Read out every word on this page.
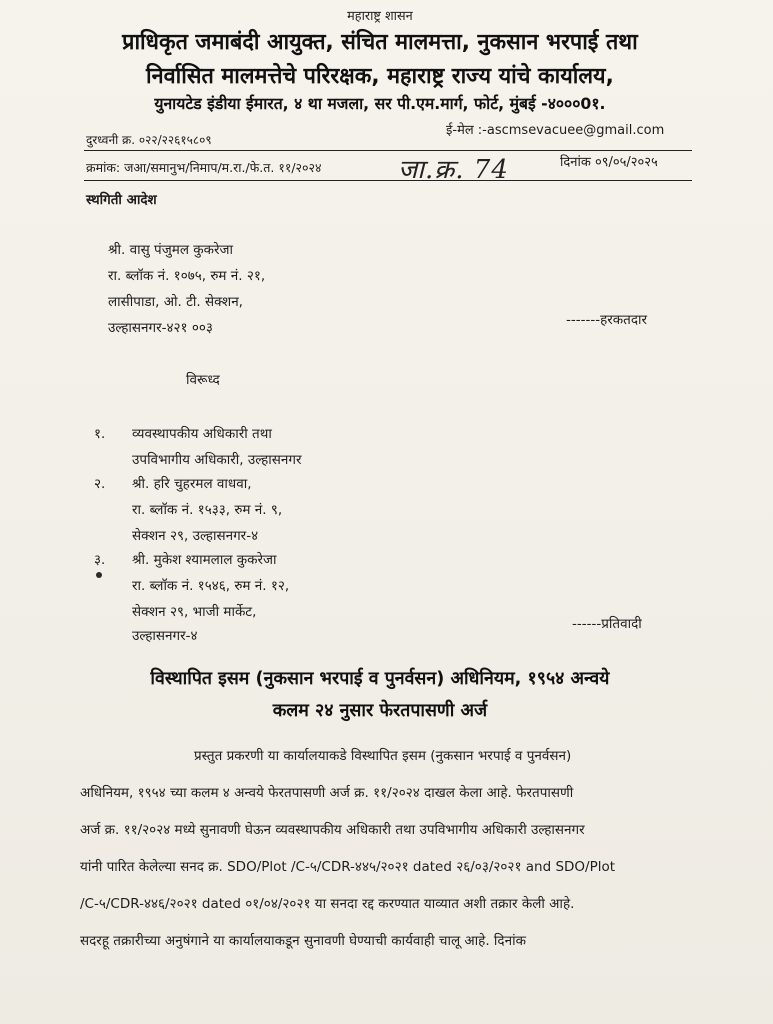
महाराष्ट्र शासन
प्राधिकृत जमाबंदी आयुक्त, संचित मालमत्ता, नुकसान भरपाई तथा
निर्वासित मालमत्तेचे परिरक्षक, महाराष्ट्र राज्य यांचे कार्यालय,
युनायटेड इंडीया ईमारत, ४ था मजला, सर पी.एम.मार्ग, फोर्ट, मुंबई -४०००0१.
ई-मेल :-ascmsevacuee@gmail.com
दुरध्वनी क्र. ०२२/२२६१५८०९
क्रमांक: जआ/समानुभ/निमाप/म.रा./फे.त. ११/२०२४	जा.क्र. 74	दिनांक ०९/०५/२०२५
स्थगिती आदेश
श्री. वासु पंजुमल कुकरेजा
रा. ब्लॉक नं. १०७५, रुम नं. २१,
लासीपाडा, ओ. टी. सेक्शन,
उल्हासनगर-४२१ ००३	-------हरकतदार
विरूध्द
१. व्यवस्थापकीय अधिकारी तथा
उपविभागीय अधिकारी, उल्हासनगर
२. श्री. हरि चुहरमल वाधवा,
रा. ब्लॉक नं. १५३३, रुम नं. ९,
सेक्शन २९, उल्हासनगर-४
३. श्री. मुकेश श्यामलाल कुकरेजा
रा. ब्लॉक नं. १५४६, रुम नं. १२,
सेक्शन २९, भाजी मार्केट,
उल्हासनगर-४
------प्रतिवादी
विस्थापित इसम (नुकसान भरपाई व पुनर्वसन) अधिनियम, १९५४ अन्वये
कलम २४ नुसार फेरतपासणी अर्ज
प्रस्तुत प्रकरणी या कार्यालयाकडे विस्थापित इसम (नुकसान भरपाई व पुनर्वसन)
अधिनियम, १९५४ च्या कलम ४ अन्वये फेरतपासणी अर्ज क्र. ११/२०२४ दाखल केला आहे. फेरतपासणी
अर्ज क्र. ११/२०२४ मध्ये सुनावणी घेऊन व्यवस्थापकीय अधिकारी तथा उपविभागीय अधिकारी उल्हासनगर
यांनी पारित केलेल्या सनद क्र. SDO/Plot /C-५/CDR-४४५/२०२१ dated २६/०३/२०२१ and SDO/Plot
/C-५/CDR-४४६/२०२१ dated ०१/०४/२०२१ या सनदा रद्द करण्यात याव्यात अशी तक्रार केली आहे.
सदरहू तक्रारीच्या अनुषंगाने या कार्यालयाकडून सुनावणी घेण्याची कार्यवाही चालू आहे. दिनांक
